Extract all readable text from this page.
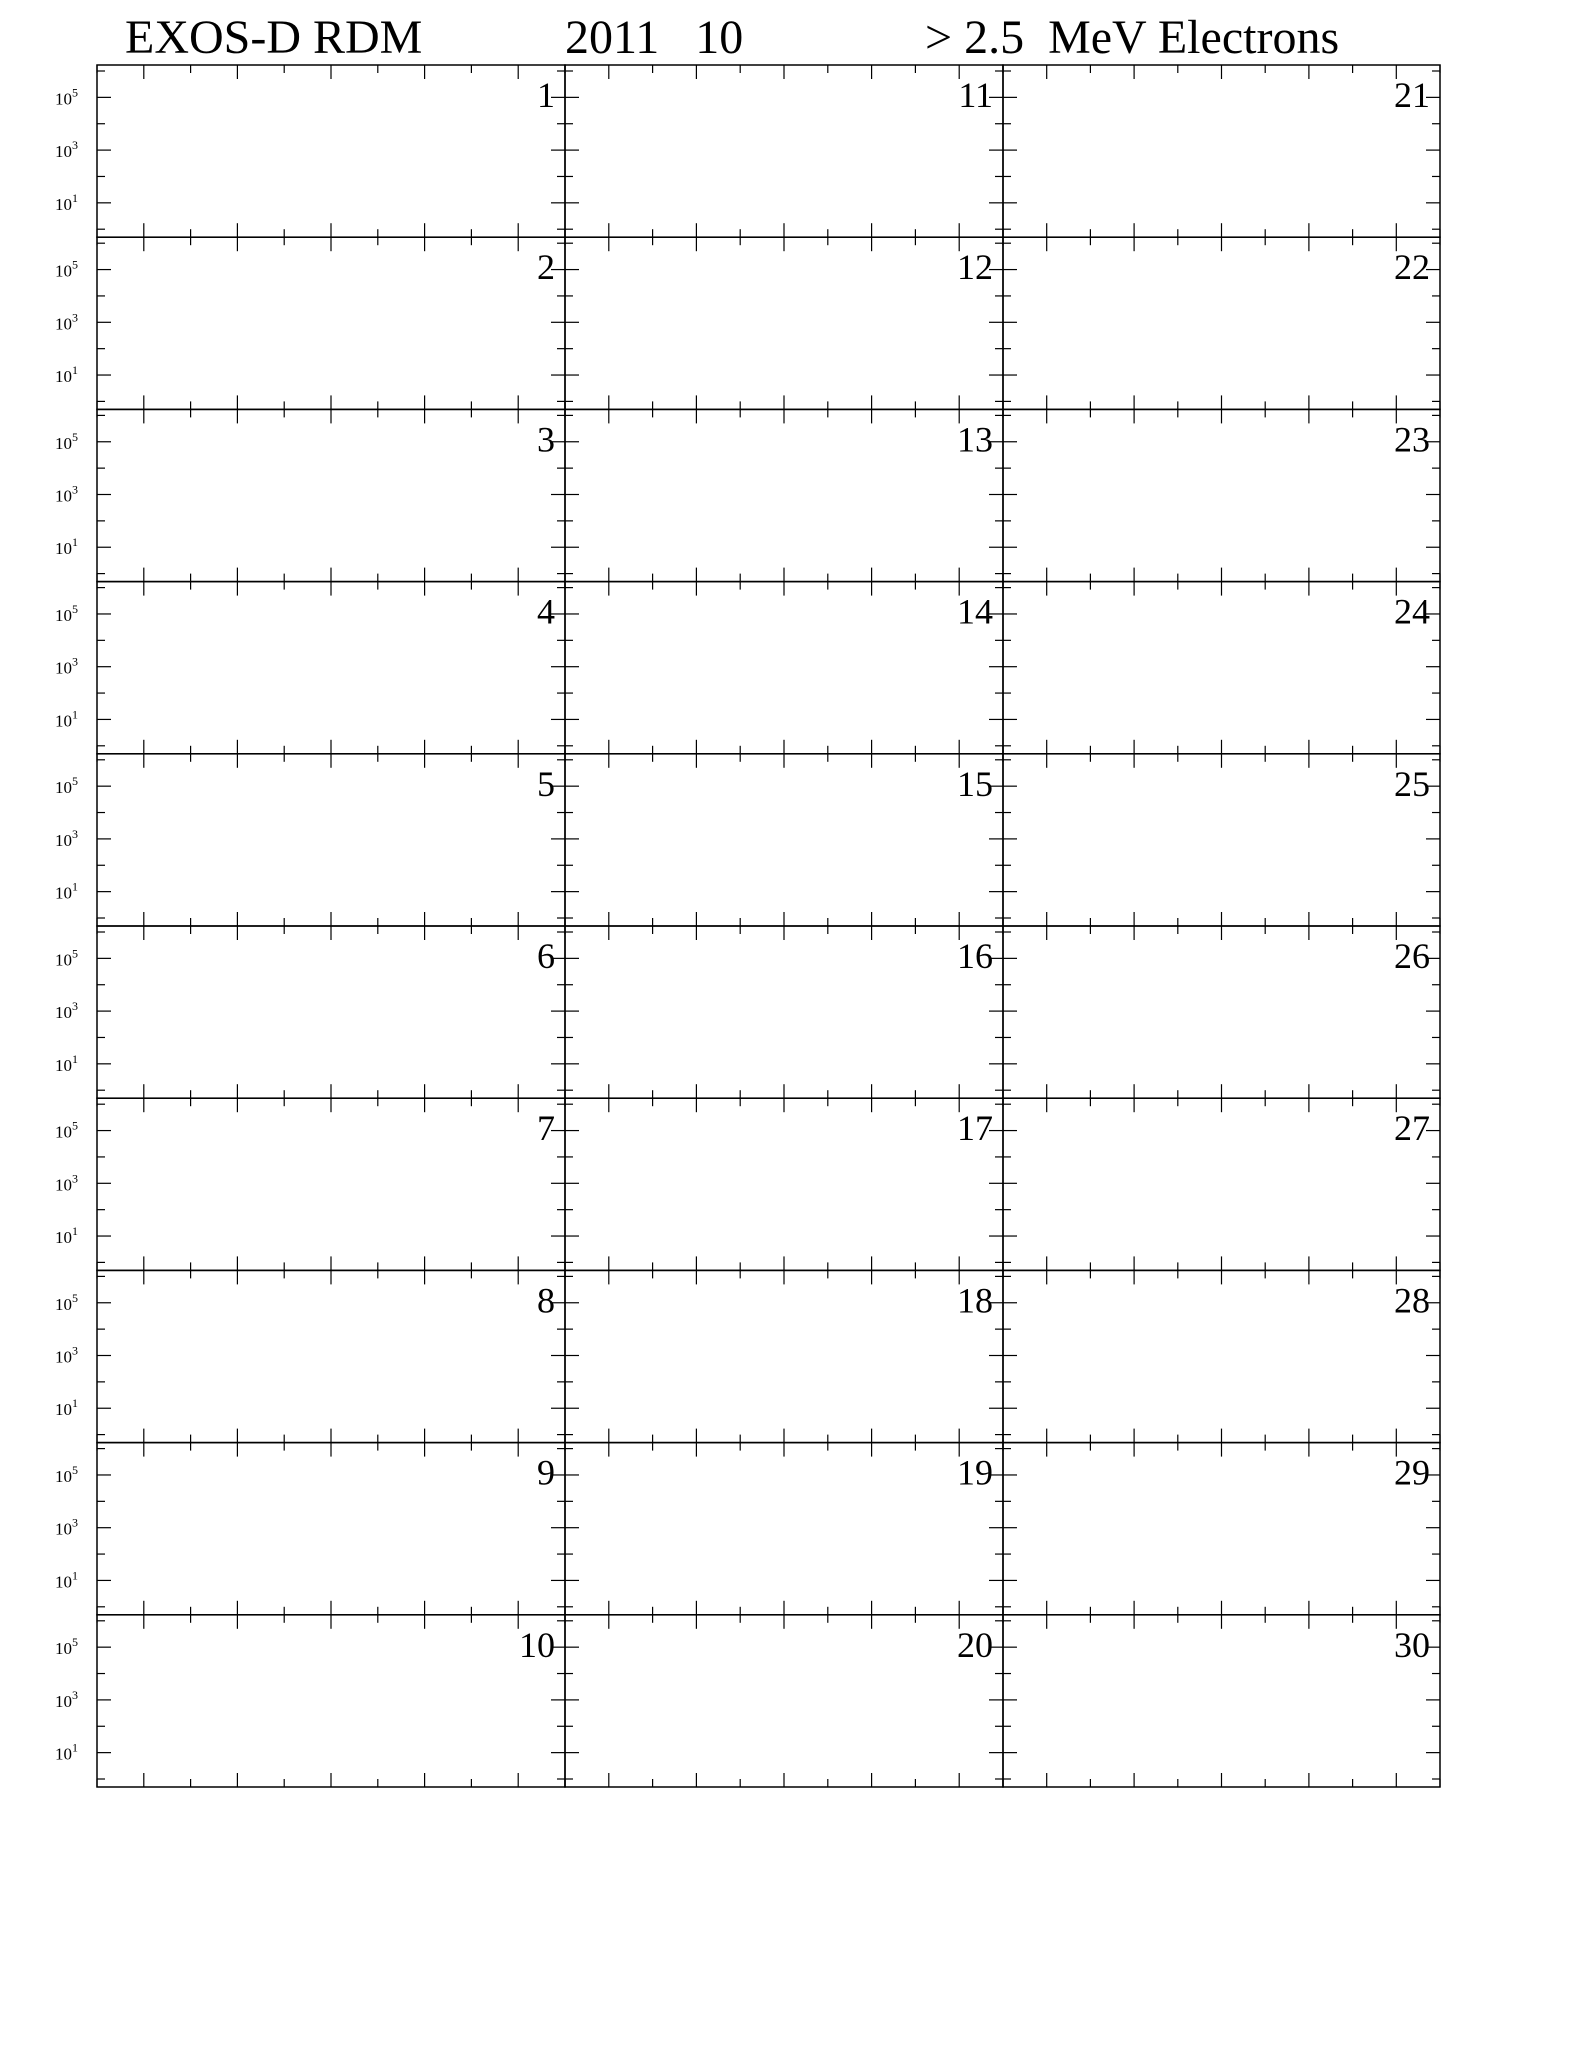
EXOS-D RDM	2011   10	> 2.5  MeV Electrons
1
$10^5$
$10^3$
$10^1$
2
$10^5$
$10^3$
$10^1$
3
$10^5$
$10^3$
$10^1$
4
$10^5$
$10^3$
$10^1$
5
$10^5$
$10^3$
$10^1$
6
$10^5$
$10^3$
$10^1$
7
$10^5$
$10^3$
$10^1$
8
$10^5$
$10^3$
$10^1$
9
$10^5$
$10^3$
$10^1$
10
$10^5$
$10^3$
$10^1$
11
12
13
14
15
16
17
18
19
20
21
22
23
24
25
26
27
28
29
30
